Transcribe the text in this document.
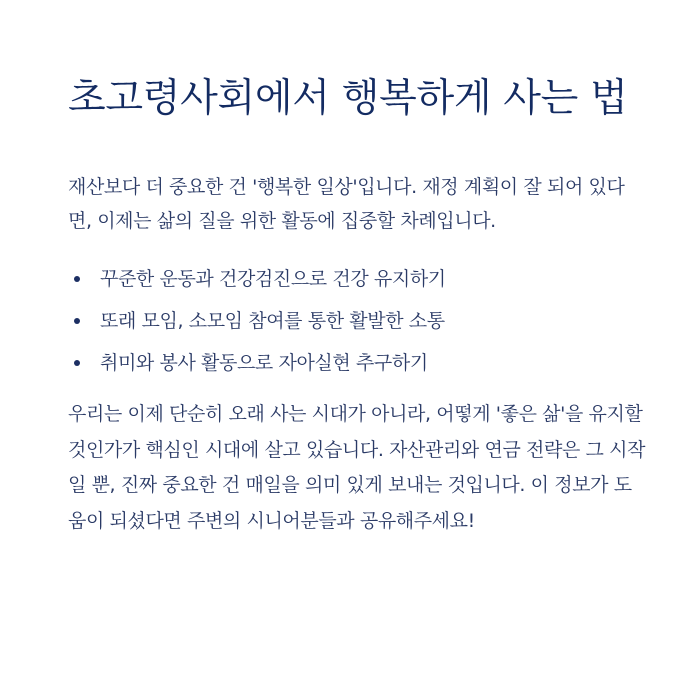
초고령사회에서 행복하게 사는 법

재산보다 더 중요한 건 '행복한 일상'입니다. 재정 계획이 잘 되어 있다면, 이제는 삶의 질을 위한 활동에 집중할 차례입니다.

꾸준한 운동과 건강검진으로 건강 유지하기
또래 모임, 소모임 참여를 통한 활발한 소통
취미와 봉사 활동으로 자아실현 추구하기

우리는 이제 단순히 오래 사는 시대가 아니라, 어떻게 '좋은 삶'을 유지할 것인가가 핵심인 시대에 살고 있습니다. 자산관리와 연금 전략은 그 시작일 뿐, 진짜 중요한 건 매일을 의미 있게 보내는 것입니다. 이 정보가 도움이 되셨다면 주변의 시니어분들과 공유해주세요!
